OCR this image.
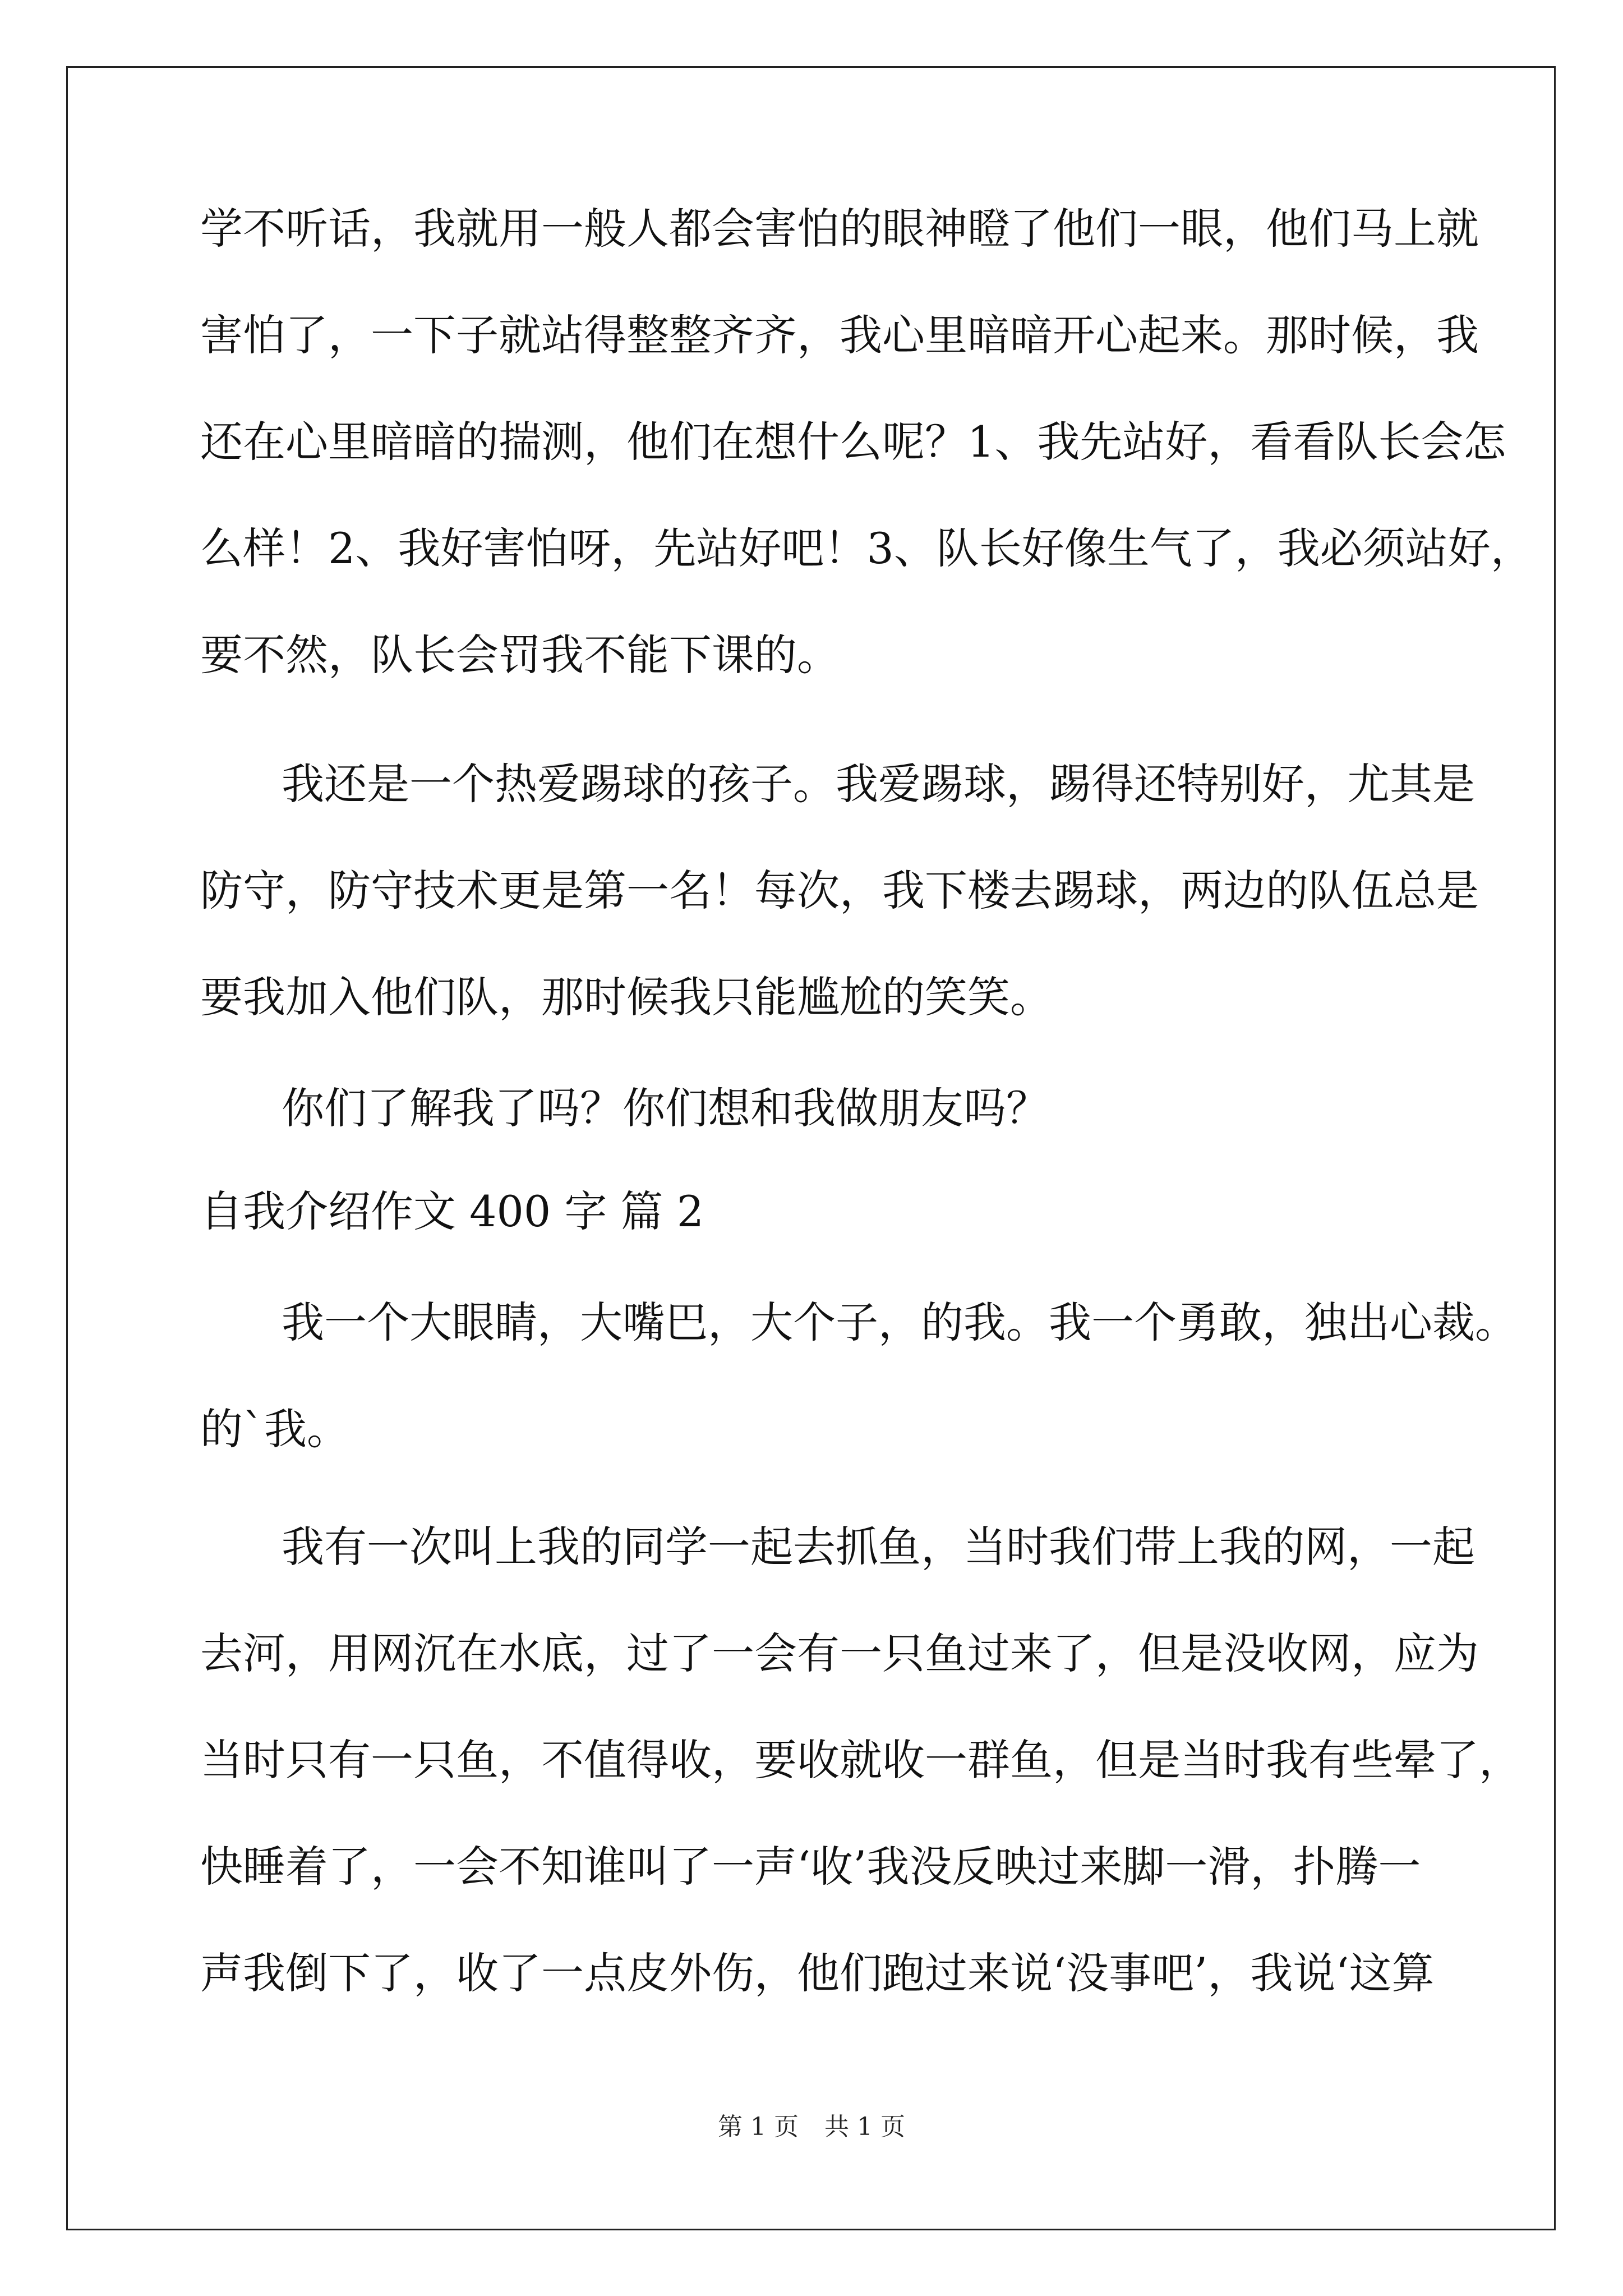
学不听话，我就用一般人都会害怕的眼神瞪了他们一眼，他们马上就
害怕了，一下子就站得整整齐齐，我心里暗暗开心起来。那时候，我
还在心里暗暗的揣测，他们在想什么呢？1、我先站好，看看队长会怎
么样！2、我好害怕呀，先站好吧！3、队长好像生气了，我必须站好，
要不然，队长会罚我不能下课的。
我还是一个热爱踢球的孩子。我爱踢球，踢得还特别好，尤其是
防守，防守技术更是第一名！每次，我下楼去踢球，两边的队伍总是
要我加入他们队，那时候我只能尴尬的笑笑。
你们了解我了吗？你们想和我做朋友吗？
自我介绍作文 400 字 篇 2
我一个大眼睛，大嘴巴，大个子，的我。我一个勇敢，独出心裁。
的`我。
我有一次叫上我的同学一起去抓鱼，当时我们带上我的网，一起
去河，用网沉在水底，过了一会有一只鱼过来了，但是没收网，应为
当时只有一只鱼，不值得收，要收就收一群鱼，但是当时我有些晕了，
快睡着了，一会不知谁叫了一声‘收’我没反映过来脚一滑，扑腾一
声我倒下了，收了一点皮外伤，他们跑过来说‘没事吧’，我说‘这算
第 1 页 共 1 页
